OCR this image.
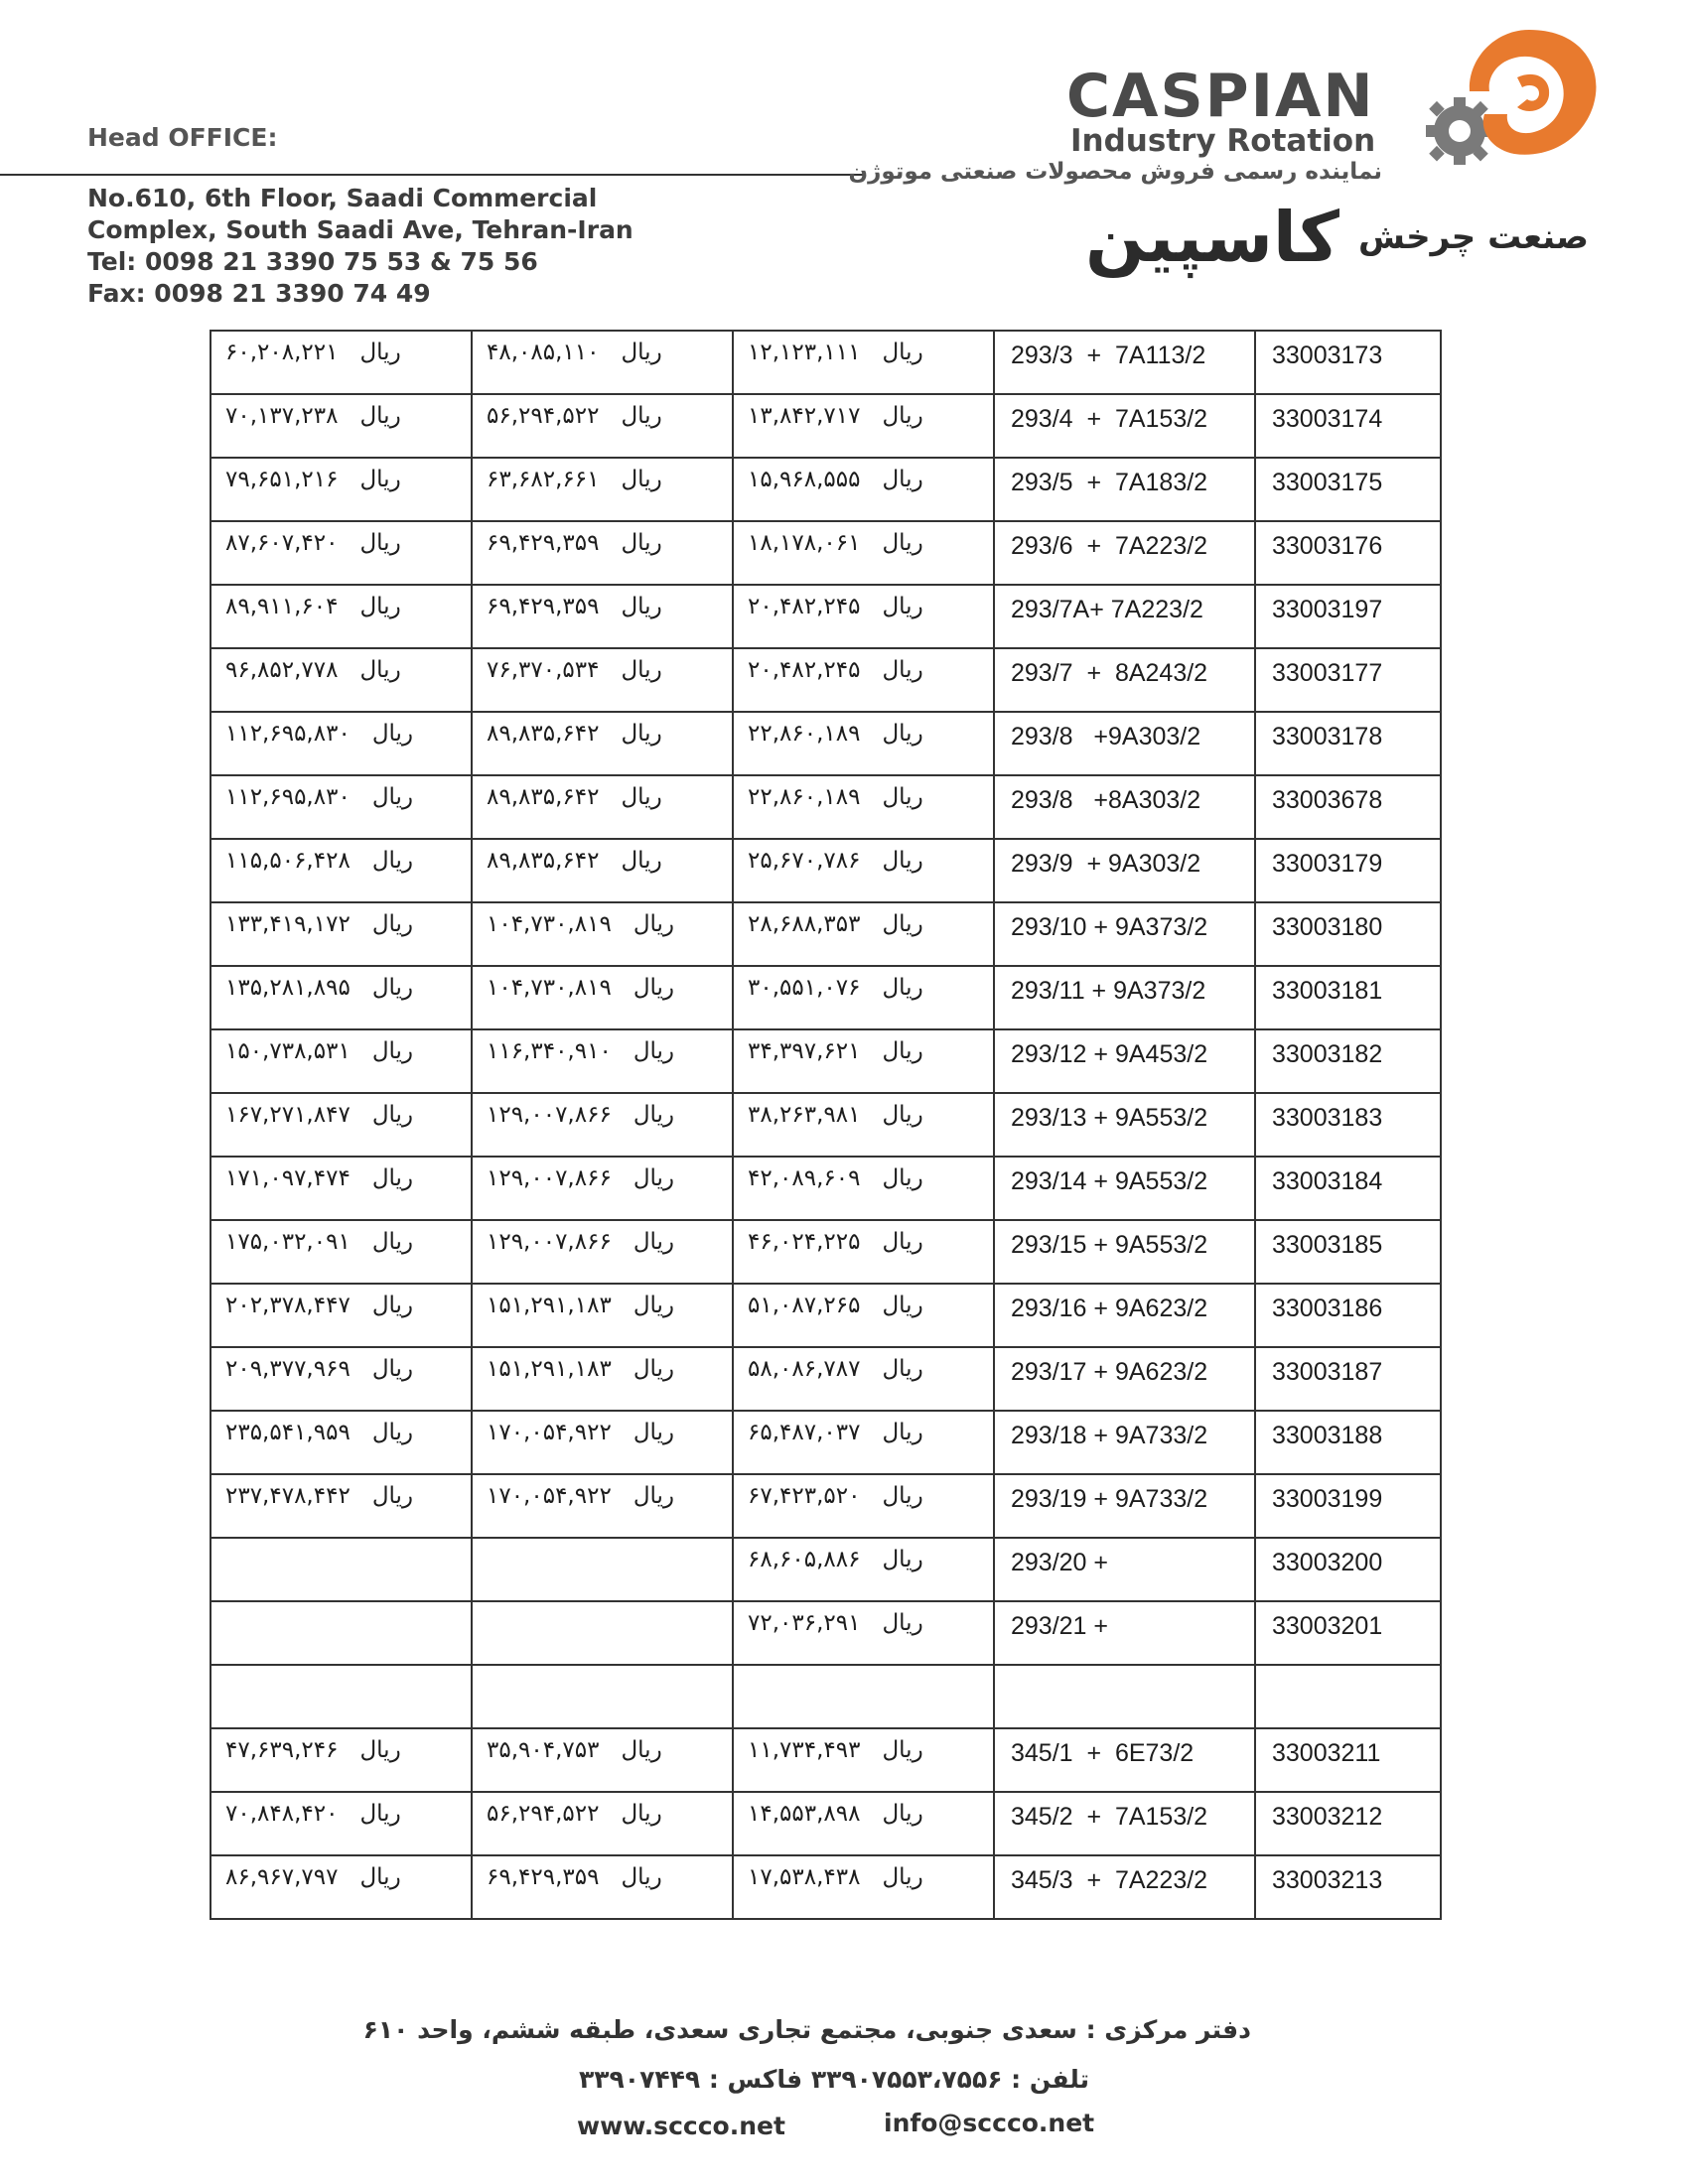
Head OFFICE:
No.610, 6th Floor, Saadi Commercial
Complex, South Saadi Ave, Tehran-Iran
Tel: 0098 21 3390 75 53 & 75 56
Fax: 0098 21 3390 74 49
CASPIAN
Industry Rotation
نماینده رسمی فروش محصولات صنعتی موتوژن
صنعت چرخش کاسپین
۶۰,۲۰۸,۲۲۱ ریال	۴۸,۰۸۵,۱۱۰ ریال	۱۲,۱۲۳,۱۱۱ ریال	293/3  +  7A113/2	33003173

۷۰,۱۳۷,۲۳۸ ریال	۵۶,۲۹۴,۵۲۲ ریال	۱۳,۸۴۲,۷۱۷ ریال	293/4  +  7A153/2	33003174

۷۹,۶۵۱,۲۱۶ ریال	۶۳,۶۸۲,۶۶۱ ریال	۱۵,۹۶۸,۵۵۵ ریال	293/5  +  7A183/2	33003175

۸۷,۶۰۷,۴۲۰ ریال	۶۹,۴۲۹,۳۵۹ ریال	۱۸,۱۷۸,۰۶۱ ریال	293/6  +  7A223/2	33003176

۸۹,۹۱۱,۶۰۴ ریال	۶۹,۴۲۹,۳۵۹ ریال	۲۰,۴۸۲,۲۴۵ ریال	293/7A+ 7A223/2	33003197

۹۶,۸۵۲,۷۷۸ ریال	۷۶,۳۷۰,۵۳۴ ریال	۲۰,۴۸۲,۲۴۵ ریال	293/7  +  8A243/2	33003177

۱۱۲,۶۹۵,۸۳۰ ریال	۸۹,۸۳۵,۶۴۲ ریال	۲۲,۸۶۰,۱۸۹ ریال	293/8   +9A303/2	33003178

۱۱۲,۶۹۵,۸۳۰ ریال	۸۹,۸۳۵,۶۴۲ ریال	۲۲,۸۶۰,۱۸۹ ریال	293/8   +8A303/2	33003678

۱۱۵,۵۰۶,۴۲۸ ریال	۸۹,۸۳۵,۶۴۲ ریال	۲۵,۶۷۰,۷۸۶ ریال	293/9  + 9A303/2	33003179

۱۳۳,۴۱۹,۱۷۲ ریال	۱۰۴,۷۳۰,۸۱۹ ریال	۲۸,۶۸۸,۳۵۳ ریال	293/10 + 9A373/2	33003180

۱۳۵,۲۸۱,۸۹۵ ریال	۱۰۴,۷۳۰,۸۱۹ ریال	۳۰,۵۵۱,۰۷۶ ریال	293/11 + 9A373/2	33003181

۱۵۰,۷۳۸,۵۳۱ ریال	۱۱۶,۳۴۰,۹۱۰ ریال	۳۴,۳۹۷,۶۲۱ ریال	293/12 + 9A453/2	33003182

۱۶۷,۲۷۱,۸۴۷ ریال	۱۲۹,۰۰۷,۸۶۶ ریال	۳۸,۲۶۳,۹۸۱ ریال	293/13 + 9A553/2	33003183

۱۷۱,۰۹۷,۴۷۴ ریال	۱۲۹,۰۰۷,۸۶۶ ریال	۴۲,۰۸۹,۶۰۹ ریال	293/14 + 9A553/2	33003184

۱۷۵,۰۳۲,۰۹۱ ریال	۱۲۹,۰۰۷,۸۶۶ ریال	۴۶,۰۲۴,۲۲۵ ریال	293/15 + 9A553/2	33003185

۲۰۲,۳۷۸,۴۴۷ ریال	۱۵۱,۲۹۱,۱۸۳ ریال	۵۱,۰۸۷,۲۶۵ ریال	293/16 + 9A623/2	33003186

۲۰۹,۳۷۷,۹۶۹ ریال	۱۵۱,۲۹۱,۱۸۳ ریال	۵۸,۰۸۶,۷۸۷ ریال	293/17 + 9A623/2	33003187

۲۳۵,۵۴۱,۹۵۹ ریال	۱۷۰,۰۵۴,۹۲۲ ریال	۶۵,۴۸۷,۰۳۷ ریال	293/18 + 9A733/2	33003188

۲۳۷,۴۷۸,۴۴۲ ریال	۱۷۰,۰۵۴,۹۲۲ ریال	۶۷,۴۲۳,۵۲۰ ریال	293/19 + 9A733/2	33003199

		۶۸,۶۰۵,۸۸۶ ریال	293/20 +	33003200

		۷۲,۰۳۶,۲۹۱ ریال	293/21 +	33003201

۴۷,۶۳۹,۲۴۶ ریال	۳۵,۹۰۴,۷۵۳ ریال	۱۱,۷۳۴,۴۹۳ ریال	345/1  +  6E73/2	33003211

۷۰,۸۴۸,۴۲۰ ریال	۵۶,۲۹۴,۵۲۲ ریال	۱۴,۵۵۳,۸۹۸ ریال	345/2  +  7A153/2	33003212

۸۶,۹۶۷,۷۹۷ ریال	۶۹,۴۲۹,۳۵۹ ریال	۱۷,۵۳۸,۴۳۸ ریال	345/3  +  7A223/2	33003213
دفتر مرکزی : سعدی جنوبی، مجتمع تجاری سعدی، طبقه ششم، واحد ۶۱۰
تلفن : ۳۳۹۰۷۵۵۳،۷۵۵۶ فاکس : ۳۳۹۰۷۴۴۹
www.sccco.net	info@sccco.net
